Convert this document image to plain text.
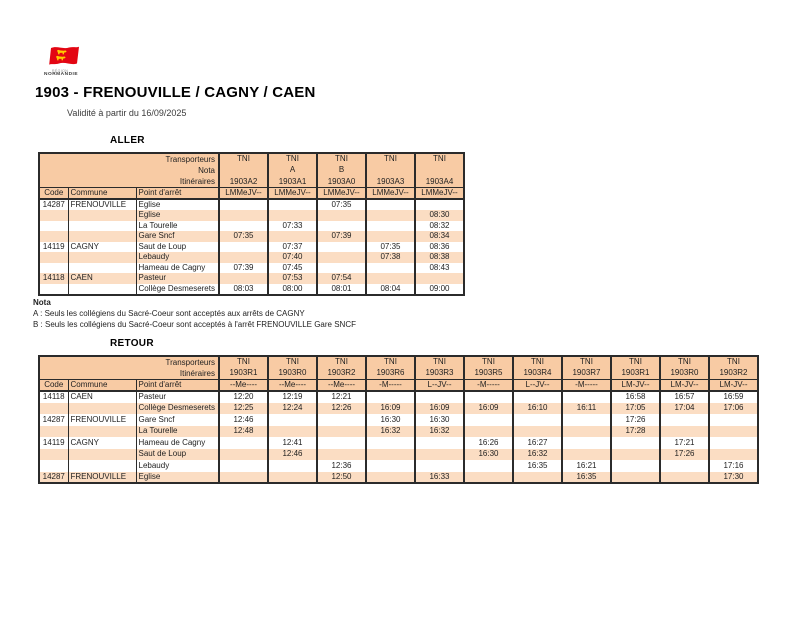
RÉGION
NORMANDIE
1903 - FRENOUVILLE / CAGNY / CAEN
Validité à partir du 16/09/2025
ALLER
Transporteurs
Nota
Itinéraires			TNI	TNI	TNI	TNI	TNI
				A	B		
			1903A2	1903A1	1903A0	1903A3	1903A4
Code	Commune	Point d'arrêt	LMMeJV--	LMMeJV--	LMMeJV--	LMMeJV--	LMMeJV--
14287	FRENOUVILLE	Eglise			07:35		
		Eglise					08:30
		La Tourelle		07:33			08:32
		Gare Sncf	07:35		07:39		08:34
14119	CAGNY	Saut de Loup		07:37		07:35	08:36
		Lebaudy		07:40		07:38	08:38
		Hameau de Cagny	07:39	07:45			08:43
14118	CAEN	Pasteur		07:53	07:54		
		Collège Desmeserets	08:03	08:00	08:01	08:04	09:00
Nota
A : Seuls les collégiens du Sacré-Coeur sont acceptés aux arrêts de CAGNY
B : Seuls les collégiens du Sacré-Coeur sont acceptés à l'arrêt FRENOUVILLE Gare SNCF
RETOUR
Transporteurs
Itinéraires			TNI	TNI	TNI	TNI	TNI	TNI	TNI	TNI	TNI	TNI	TNI
			1903R1	1903R0	1903R2	1903R6	1903R3	1903R5	1903R4	1903R7	1903R1	1903R0	1903R2
Code	Commune	Point d'arrêt	--Me----	--Me----	--Me----	-M-----	L--JV--	-M-----	L--JV--	-M-----	LM-JV--	LM-JV--	LM-JV--
14118	CAEN	Pasteur	12:20	12:19	12:21						16:58	16:57	16:59
		Collège Desmeserets	12:25	12:24	12:26	16:09	16:09	16:09	16:10	16:11	17:05	17:04	17:06
14287	FRENOUVILLE	Gare Sncf	12:46			16:30	16:30				17:26		
		La Tourelle	12:48			16:32	16:32				17:28		
14119	CAGNY	Hameau de Cagny		12:41				16:26	16:27			17:21	
		Saut de Loup		12:46				16:30	16:32			17:26	
		Lebaudy			12:36				16:35	16:21			17:16
14287	FRENOUVILLE	Eglise			12:50		16:33			16:35			17:30
